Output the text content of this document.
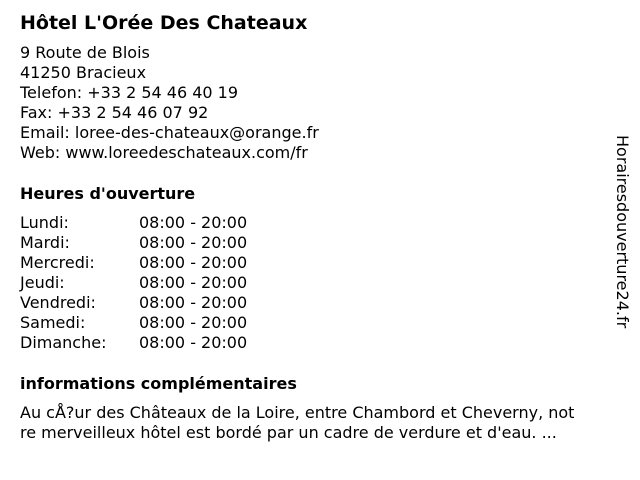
Hôtel L'Orée Des Chateaux
9 Route de Blois
41250 Bracieux
Telefon: +33 2 54 46 40 19
Fax: +33 2 54 46 07 92
Email: loree-des-chateaux@orange.fr
Web: www.loreedeschateaux.com/fr
Heures d'ouverture
Lundi:	08:00 - 20:00
Mardi:	08:00 - 20:00
Mercredi:	08:00 - 20:00
Jeudi:	08:00 - 20:00
Vendredi:	08:00 - 20:00
Samedi:	08:00 - 20:00
Dimanche: 08:00 - 20:00
informations complémentaires
Au cÅ?ur des Châteaux de la Loire, entre Chambord et Cheverny, not
re merveilleux hôtel est bordé par un cadre de verdure et d'eau. ...
Horairesdouverture24.fr
